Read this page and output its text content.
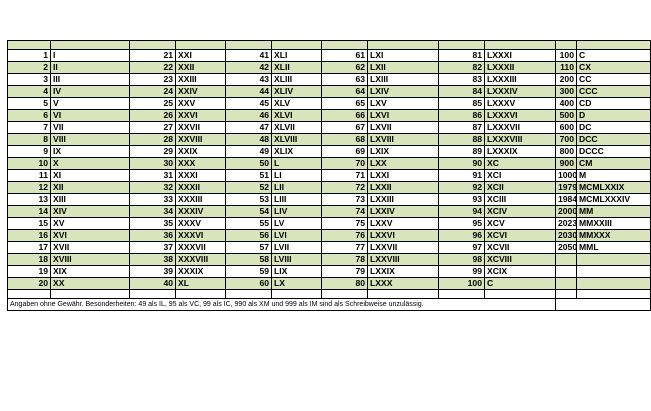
1	I	21	XXI	41	XLI	61	LXI	81	LXXXI	100	C
2	II	22	XXII	42	XLII	62	LXII	82	LXXXII	110	CX
3	III	23	XXIII	43	XLIII	63	LXIII	83	LXXXIII	200	CC
4	IV	24	XXIV	44	XLIV	64	LXIV	84	LXXXIV	300	CCC
5	V	25	XXV	45	XLV	65	LXV	85	LXXXV	400	CD
6	VI	26	XXVI	46	XLVI	66	LXVI	86	LXXXVI	500	D
7	VII	27	XXVII	47	XLVII	67	LXVII	87	LXXXVII	600	DC
8	VIII	28	XXVIII	48	XLVIII	68	LXVIII	88	LXXXVIII	700	DCC
9	IX	29	XXIX	49	XLIX	69	LXIX	89	LXXXIX	800	DCCC
10	X	30	XXX	50	L	70	LXX	90	XC	900	CM
11	XI	31	XXXI	51	LI	71	LXXI	91	XCI	1000	M
12	XII	32	XXXII	52	LII	72	LXXII	92	XCII	1979	MCMLXXIX
13	XIII	33	XXXIII	53	LIII	73	LXXIII	93	XCIII	1984	MCMLXXXIV
14	XIV	34	XXXIV	54	LIV	74	LXXIV	94	XCIV	2000	MM
15	XV	35	XXXV	55	LV	75	LXXV	95	XCV	2023	MMXXIII
16	XVI	36	XXXVI	56	LVI	76	LXXVI	96	XCVI	2030	MMXXX
17	XVII	37	XXXVII	57	LVII	77	LXXVII	97	XCVII	2050	MML
18	XVIII	38	XXXVIII	58	LVIII	78	LXXVIII	98	XCVIII		
19	XIX	39	XXXIX	59	LIX	79	LXXIX	99	XCIX		
20	XX	40	XL	60	LX	80	LXXX	100	C		

Angaben ohne Gewähr. Besonderheiten: 49 als IL, 95 als VC, 99 als IC, 990 als XM und 999 als IM sind als Schreibweise unzulässig.											
